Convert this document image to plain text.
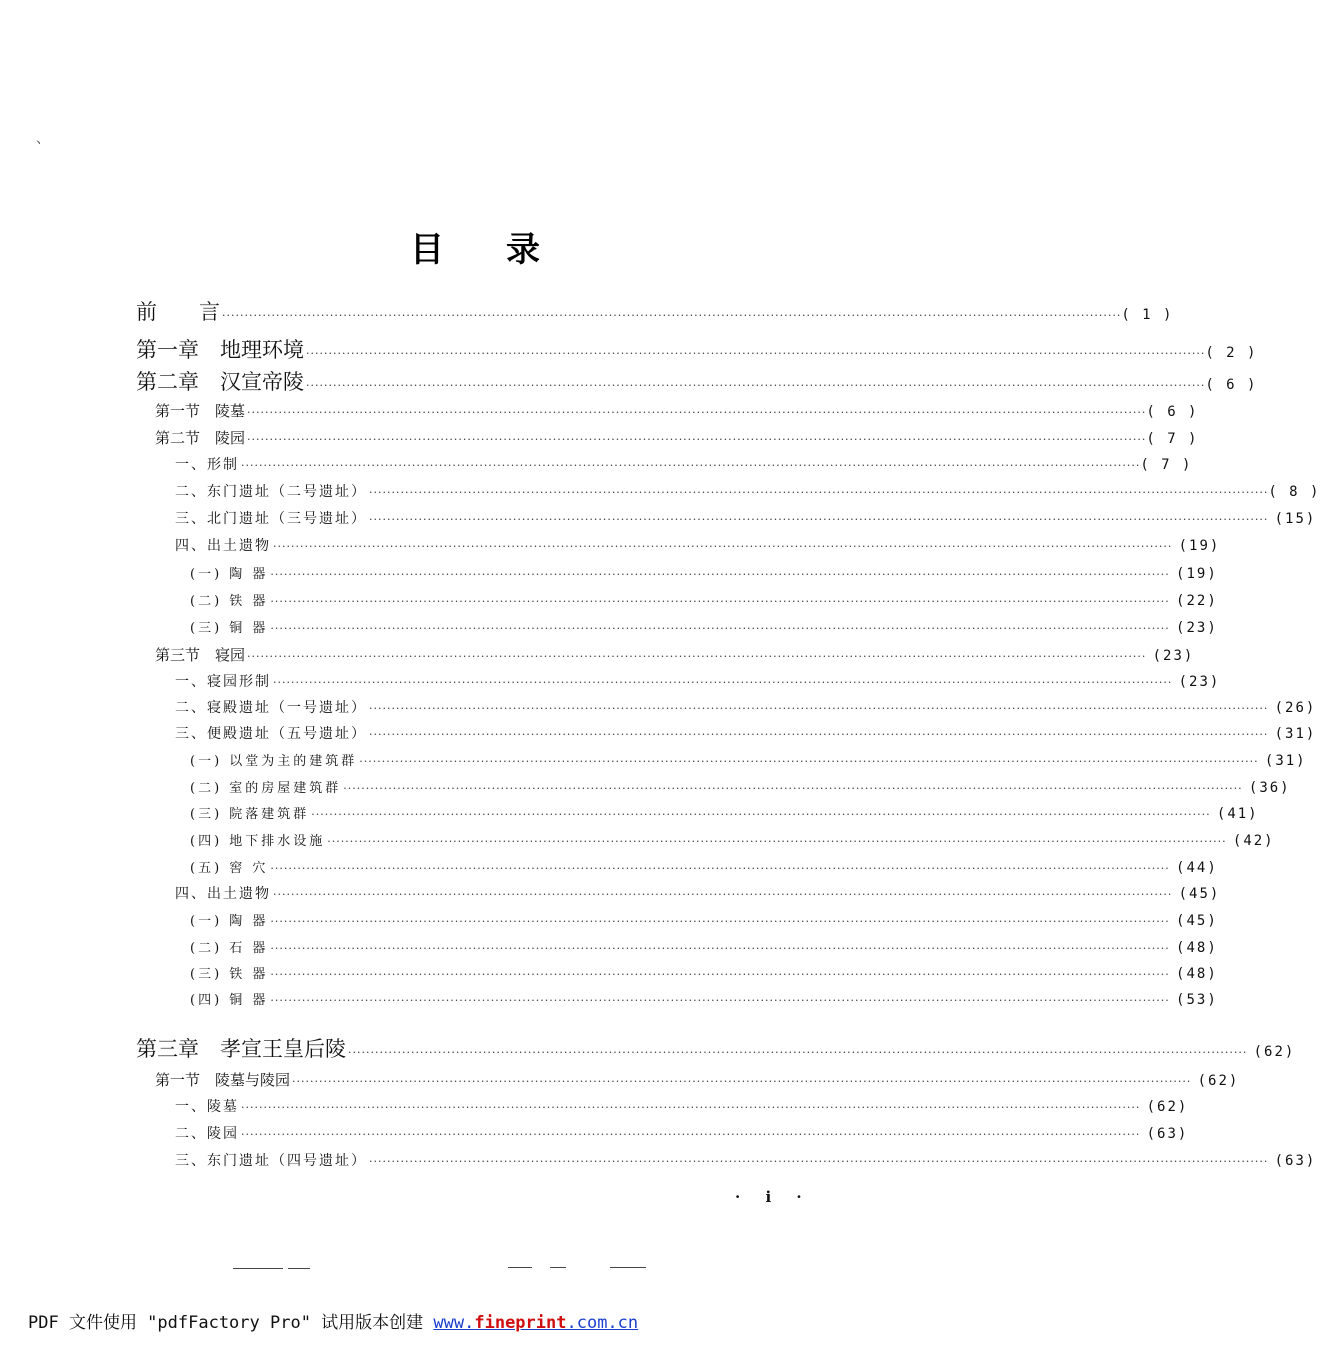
、
目录
前　　言 ········································································································································································································ ( 1 )
第一章　地理环境 ········································································································································································································ ( 2 )
第二章　汉宣帝陵 ········································································································································································································ ( 6 )
第一节　陵墓 ········································································································································································································ ( 6 )
第二节　陵园 ········································································································································································································ ( 7 )
一、形制 ········································································································································································································ ( 7 )
二、东门遗址（二号遗址） ········································································································································································································ ( 8 )
三、北门遗址（三号遗址） ········································································································································································································ (15)
四、出土遗物 ········································································································································································································ (19)
(一) 陶 器 ········································································································································································································ (19)
(二) 铁 器 ········································································································································································································ (22)
(三) 铜 器 ········································································································································································································ (23)
第三节　寝园 ········································································································································································································ (23)
一、寝园形制 ········································································································································································································ (23)
二、寝殿遗址（一号遗址） ········································································································································································································ (26)
三、便殿遗址（五号遗址） ········································································································································································································ (31)
(一) 以堂为主的建筑群 ········································································································································································································ (31)
(二) 室的房屋建筑群 ········································································································································································································ (36)
(三) 院落建筑群 ········································································································································································································ (41)
(四) 地下排水设施 ········································································································································································································ (42)
(五) 窖 穴 ········································································································································································································ (44)
四、出土遗物 ········································································································································································································ (45)
(一) 陶 器 ········································································································································································································ (45)
(二) 石 器 ········································································································································································································ (48)
(三) 铁 器 ········································································································································································································ (48)
(四) 铜 器 ········································································································································································································ (53)
第三章　孝宣王皇后陵 ········································································································································································································ (62)
第一节　陵墓与陵园 ········································································································································································································ (62)
一、陵墓 ········································································································································································································ (62)
二、陵园 ········································································································································································································ (63)
三、东门遗址（四号遗址） ········································································································································································································ (63)
· i ·
PDF 文件使用 "pdfFactory Pro" 试用版本创建 www.fineprint.com.cn
